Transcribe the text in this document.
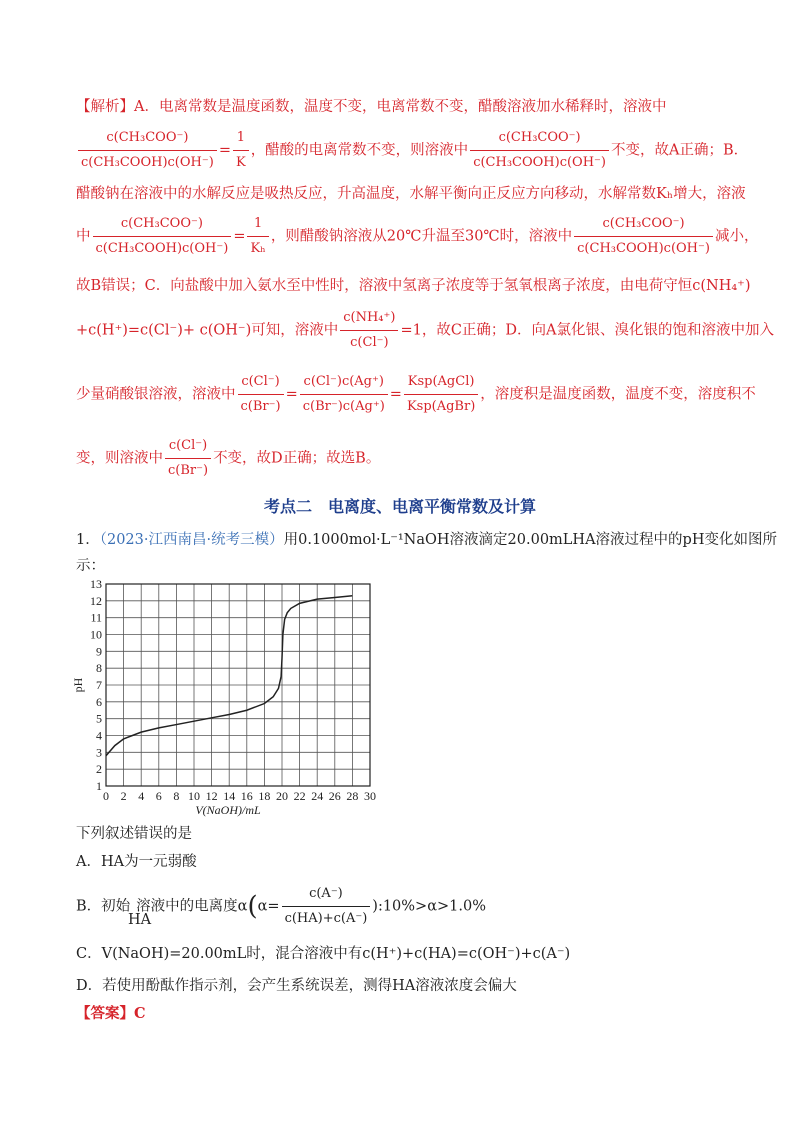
【解析】A．电离常数是温度函数，温度不变，电离常数不变，醋酸溶液加水稀释时，溶液中
$\frac{\text{c(CH₃COO⁻)}}{\text{c(CH₃COOH)c(OH⁻)}} = \frac{1}{K}$ ，醋酸的电离常数不变，则溶液中 $\frac{\text{c(CH₃COO⁻)}}{\text{c(CH₃COOH)c(OH⁻)}}$ 不变，故A正确；B．
醋酸钠在溶液中的水解反应是吸热反应，升高温度，水解平衡向正反应方向移动，水解常数Kₕ增大，溶液
中 $\frac{\text{c(CH₃COO⁻)}}{\text{c(CH₃COOH)c(OH⁻)}} = \frac{1}{\text{Kₕ}}$ ，则醋酸钠溶液从20℃升温至30℃时，溶液中 $\frac{\text{c(CH₃COO⁻)}}{\text{c(CH₃COOH)c(OH⁻)}}$ 减小，
故B错误；C．向盐酸中加入氨水至中性时，溶液中氢离子浓度等于氢氧根离子浓度，由电荷守恒c(NH₄⁺)
+c(H⁺)=c(Cl⁻)+ c(OH⁻)可知，溶液中 $\frac{\text{c(NH₄⁺)}}{c(Cl^-)} =1$，故C正确；D．向A氯化银、溴化银的饱和溶液中加入
少量硝酸银溶液，溶液中 $\frac{c(Cl^-)}{c(Br^-)} = \frac{c(Cl^-)c(Ag^+)}{c(Br^-)c(Ag^+)} = \frac{\text{Ksp(AgCl)}}{\text{Ksp(AgBr)}}$ ，溶度积是温度函数，温度不变，溶度积不
变，则溶液中 $\frac{c(Cl^-)}{c(Br^-)}$ 不变，故D正确；故选B。
考点二　电离度、电离平衡常数及计算
1．（2023·江西南昌·统考三模）用0.1000mol·L⁻¹NaOH溶液滴定20.00mLHA溶液过程中的pH变化如图所
示：
0 2 4 6 8 10 12 14 16 18 20 22 24 26 28 30
1
2
3
4
5
6
7
8
9
10
11
12
13
V(NaOH)/mL
pH
下列叙述错误的是
A．HA为一元弱酸
B．初始 溶液中的电离度$\alpha(\alpha= \frac{c(A^-)}{c(HA)+c(A^-)}$ ):10%>α>1.0%
HA
C．V(NaOH)=20.00mL时，混合溶液中有c(H⁺)+c(HA)=c(OH⁻)+c(A⁻)
D．若使用酚酞作指示剂，会产生系统误差，测得HA溶液浓度会偏大
【答案】C
